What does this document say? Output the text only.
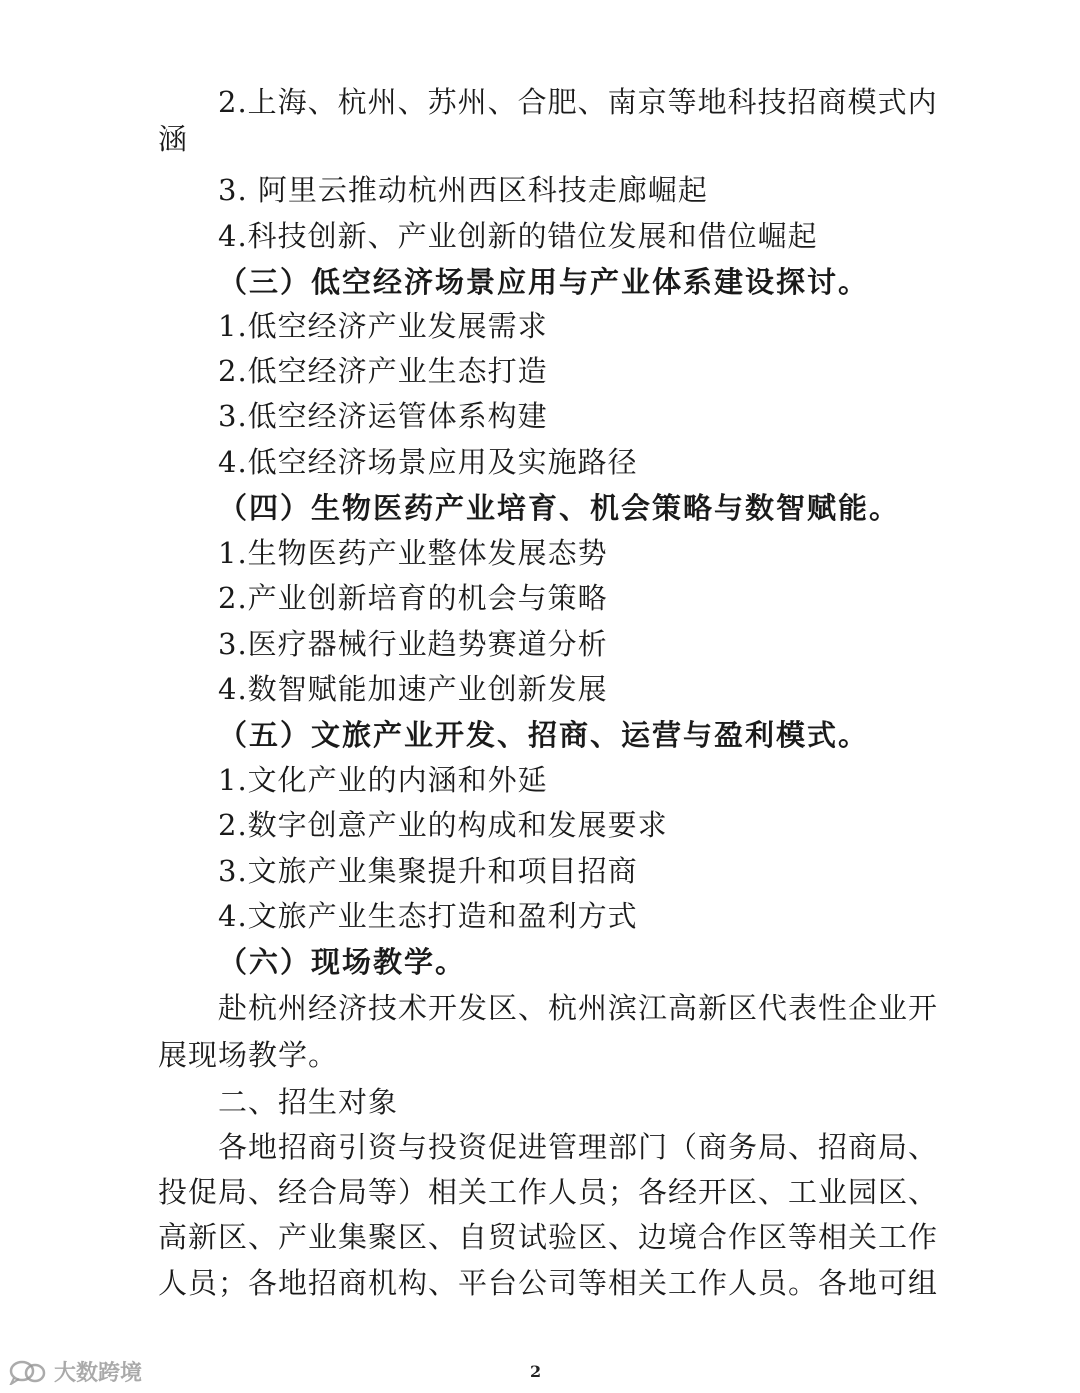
2.上海、杭州、苏州、合肥、南京等地科技招商模式内
涵
3. 阿里云推动杭州西区科技走廊崛起
4.科技创新、产业创新的错位发展和借位崛起
（三）低空经济场景应用与产业体系建设探讨。
1.低空经济产业发展需求
2.低空经济产业生态打造
3.低空经济运管体系构建
4.低空经济场景应用及实施路径
（四）生物医药产业培育、机会策略与数智赋能。
1.生物医药产业整体发展态势
2.产业创新培育的机会与策略
3.医疗器械行业趋势赛道分析
4.数智赋能加速产业创新发展
（五）文旅产业开发、招商、运营与盈利模式。
1.文化产业的内涵和外延
2.数字创意产业的构成和发展要求
3.文旅产业集聚提升和项目招商
4.文旅产业生态打造和盈利方式
（六）现场教学。
赴杭州经济技术开发区、杭州滨江高新区代表性企业开
展现场教学。
二、招生对象
各地招商引资与投资促进管理部门（商务局、招商局、
投促局、经合局等）相关工作人员；各经开区、工业园区、
高新区、产业集聚区、自贸试验区、边境合作区等相关工作
人员；各地招商机构、平台公司等相关工作人员。各地可组
2
大数跨境
